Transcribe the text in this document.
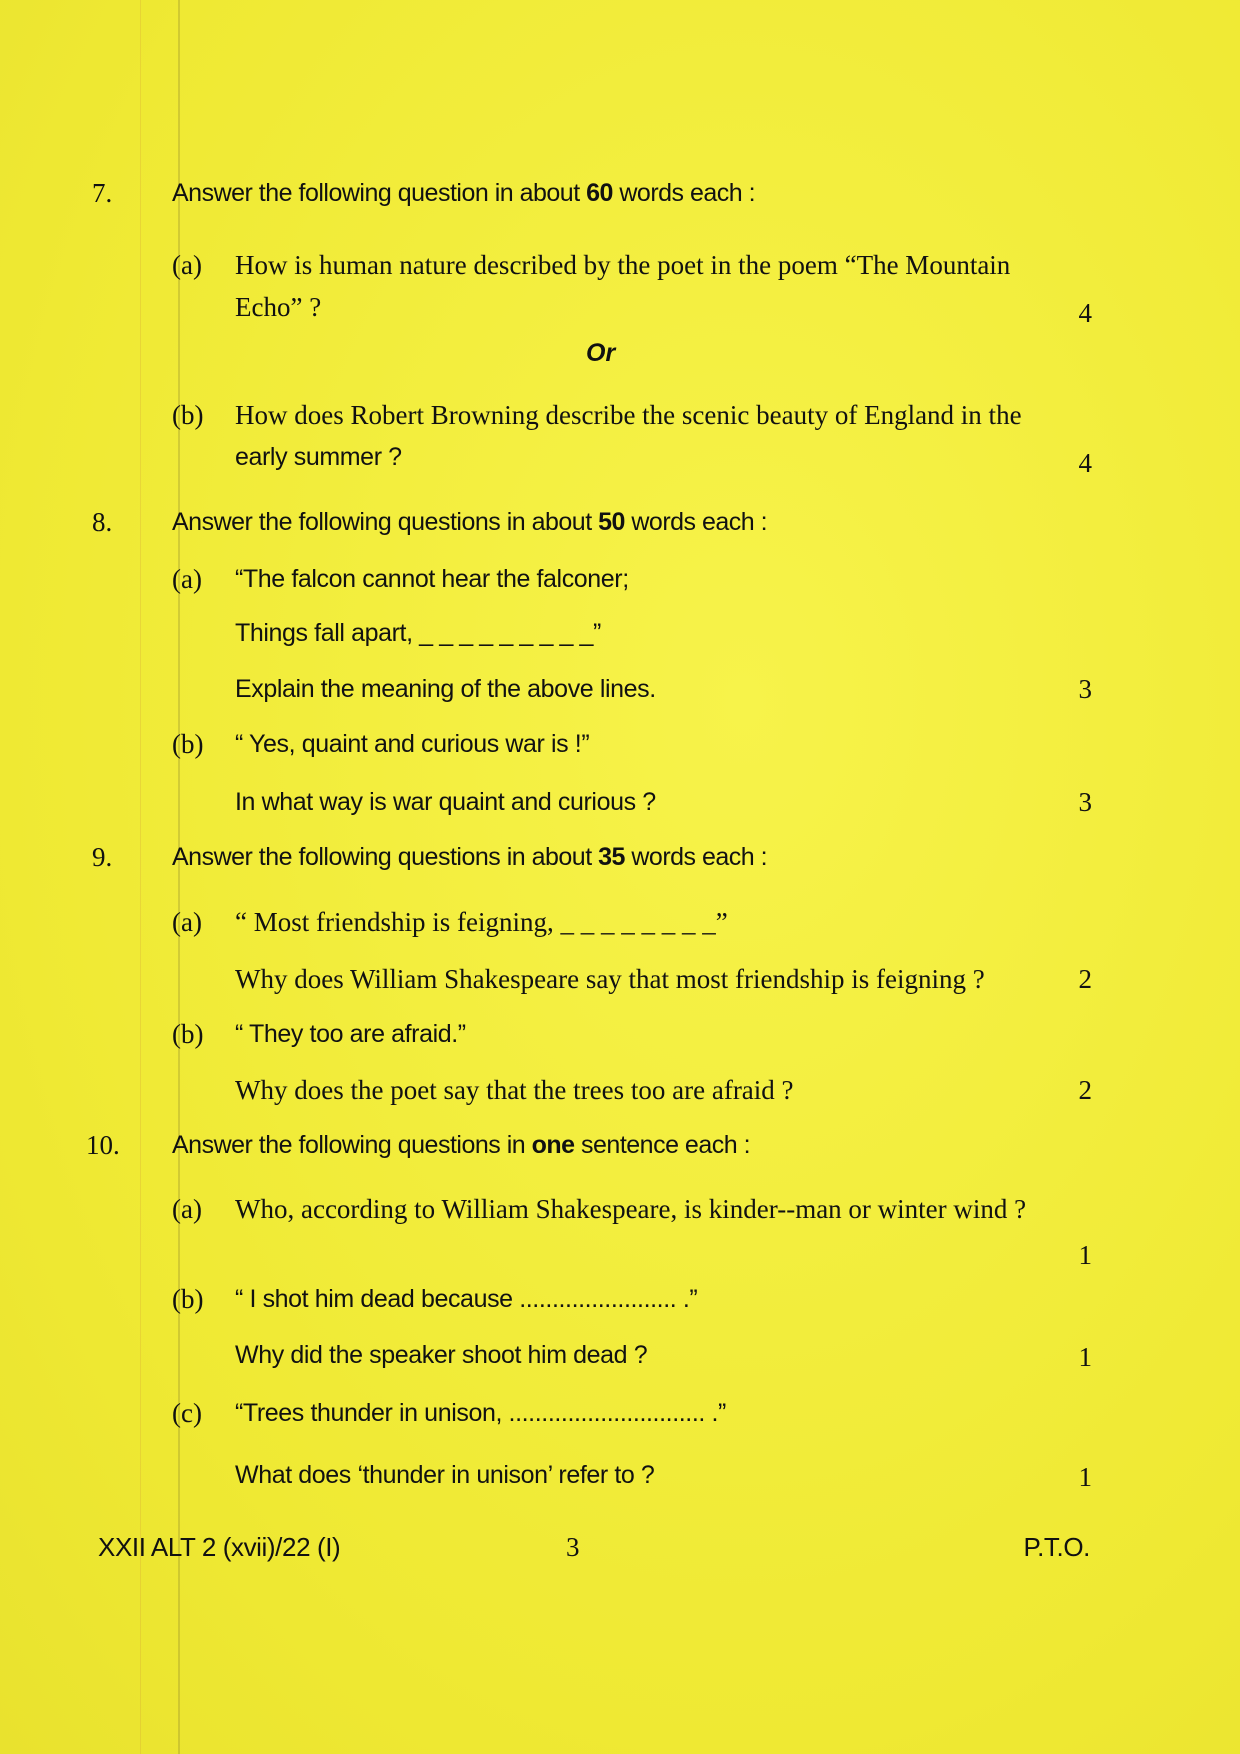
7. Answer the following question in about 60 words each :
(a) How is human nature described by the poet in the poem “The Mountain
Echo” ?	4
Or
(b) How does Robert Browning describe the scenic beauty of England in the
early summer ?	4
8. Answer the following questions in about 50 words each :
(a) “The falcon cannot hear the falconer;
Things fall apart, _ _ _ _ _ _ _ _ _”
Explain the meaning of the above lines.	3
(b) “ Yes, quaint and curious war is !”
In what way is war quaint and curious ?	3
9. Answer the following questions in about 35 words each :
(a) “ Most friendship is feigning, _ _ _ _ _ _ _ _”
Why does William Shakespeare say that most friendship is feigning ?	2
(b) “ They too are afraid.”
Why does the poet say that the trees too are afraid ?	2
10. Answer the following questions in one sentence each :
(a) Who, according to William Shakespeare, is kinder--man or winter wind ?
1
(b) “ I shot him dead because ........................ .”
Why did the speaker shoot him dead ?	1
(c) “Trees thunder in unison, .............................. .”
What does ‘thunder in unison’ refer to ?	1
XXII ALT 2 (xvii)/22 (I)	3	P.T.O.
